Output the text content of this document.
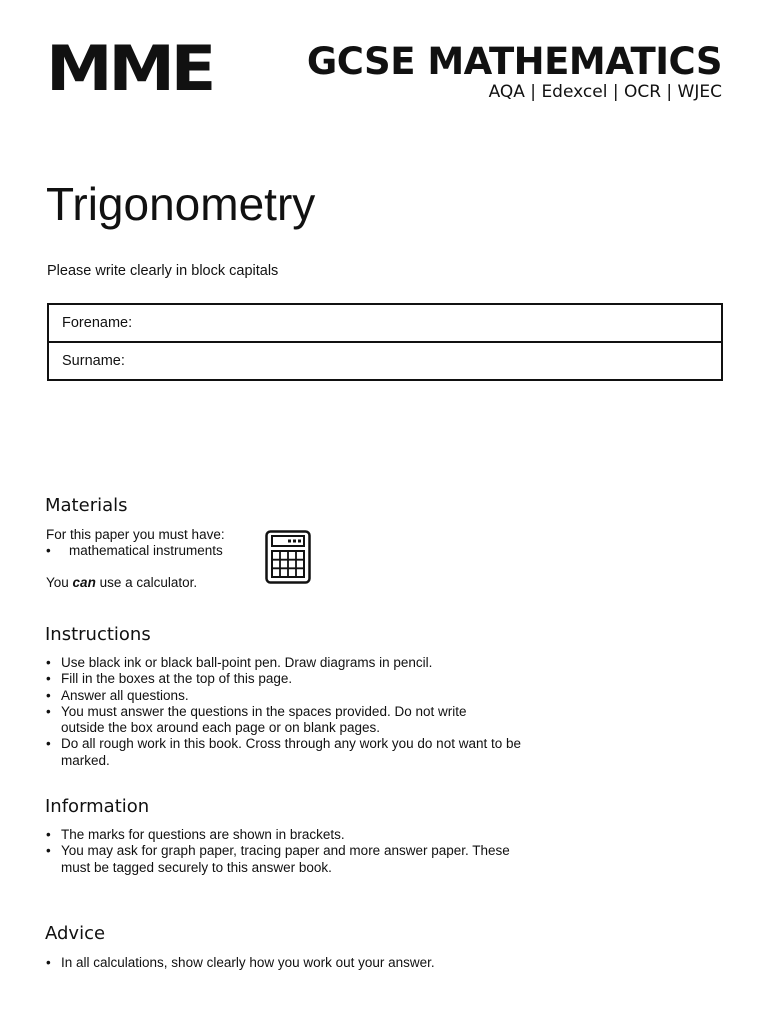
MME	GCSE MATHEMATICS
AQA | Edexcel | OCR | WJEC
Trigonometry
Please write clearly in block capitals
Forename:
Surname:
Materials
For this paper you must have:
• mathematical instruments
You can use a calculator.
Instructions
• Use black ink or black ball-point pen. Draw diagrams in pencil.
• Fill in the boxes at the top of this page.
• Answer all questions.
• You must answer the questions in the spaces provided. Do not write outside the box around each page or on blank pages.
• Do all rough work in this book. Cross through any work you do not want to be marked.
Information
• The marks for questions are shown in brackets.
• You may ask for graph paper, tracing paper and more answer paper. These must be tagged securely to this answer book.
Advice
• In all calculations, show clearly how you work out your answer.
